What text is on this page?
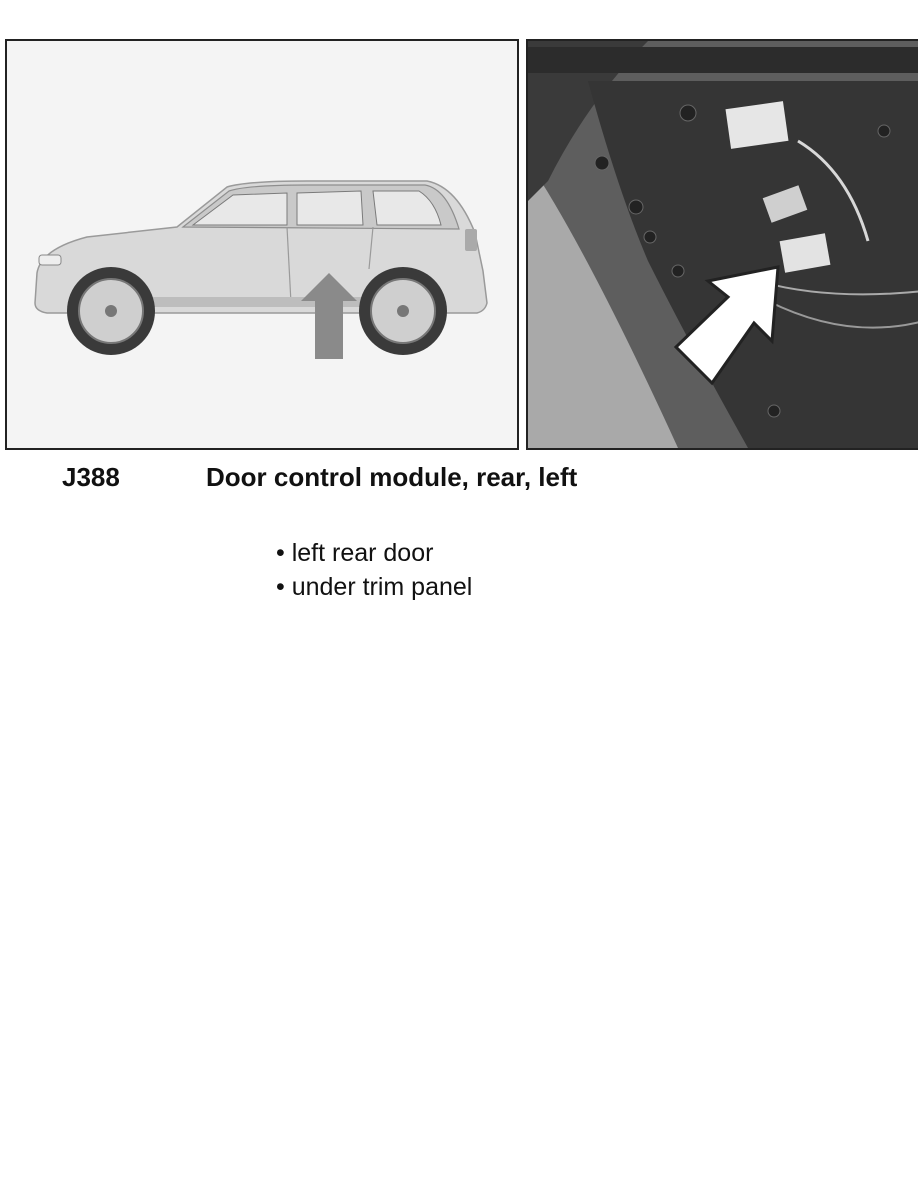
J388	Door control module, rear, left
• left rear door
• under trim panel
